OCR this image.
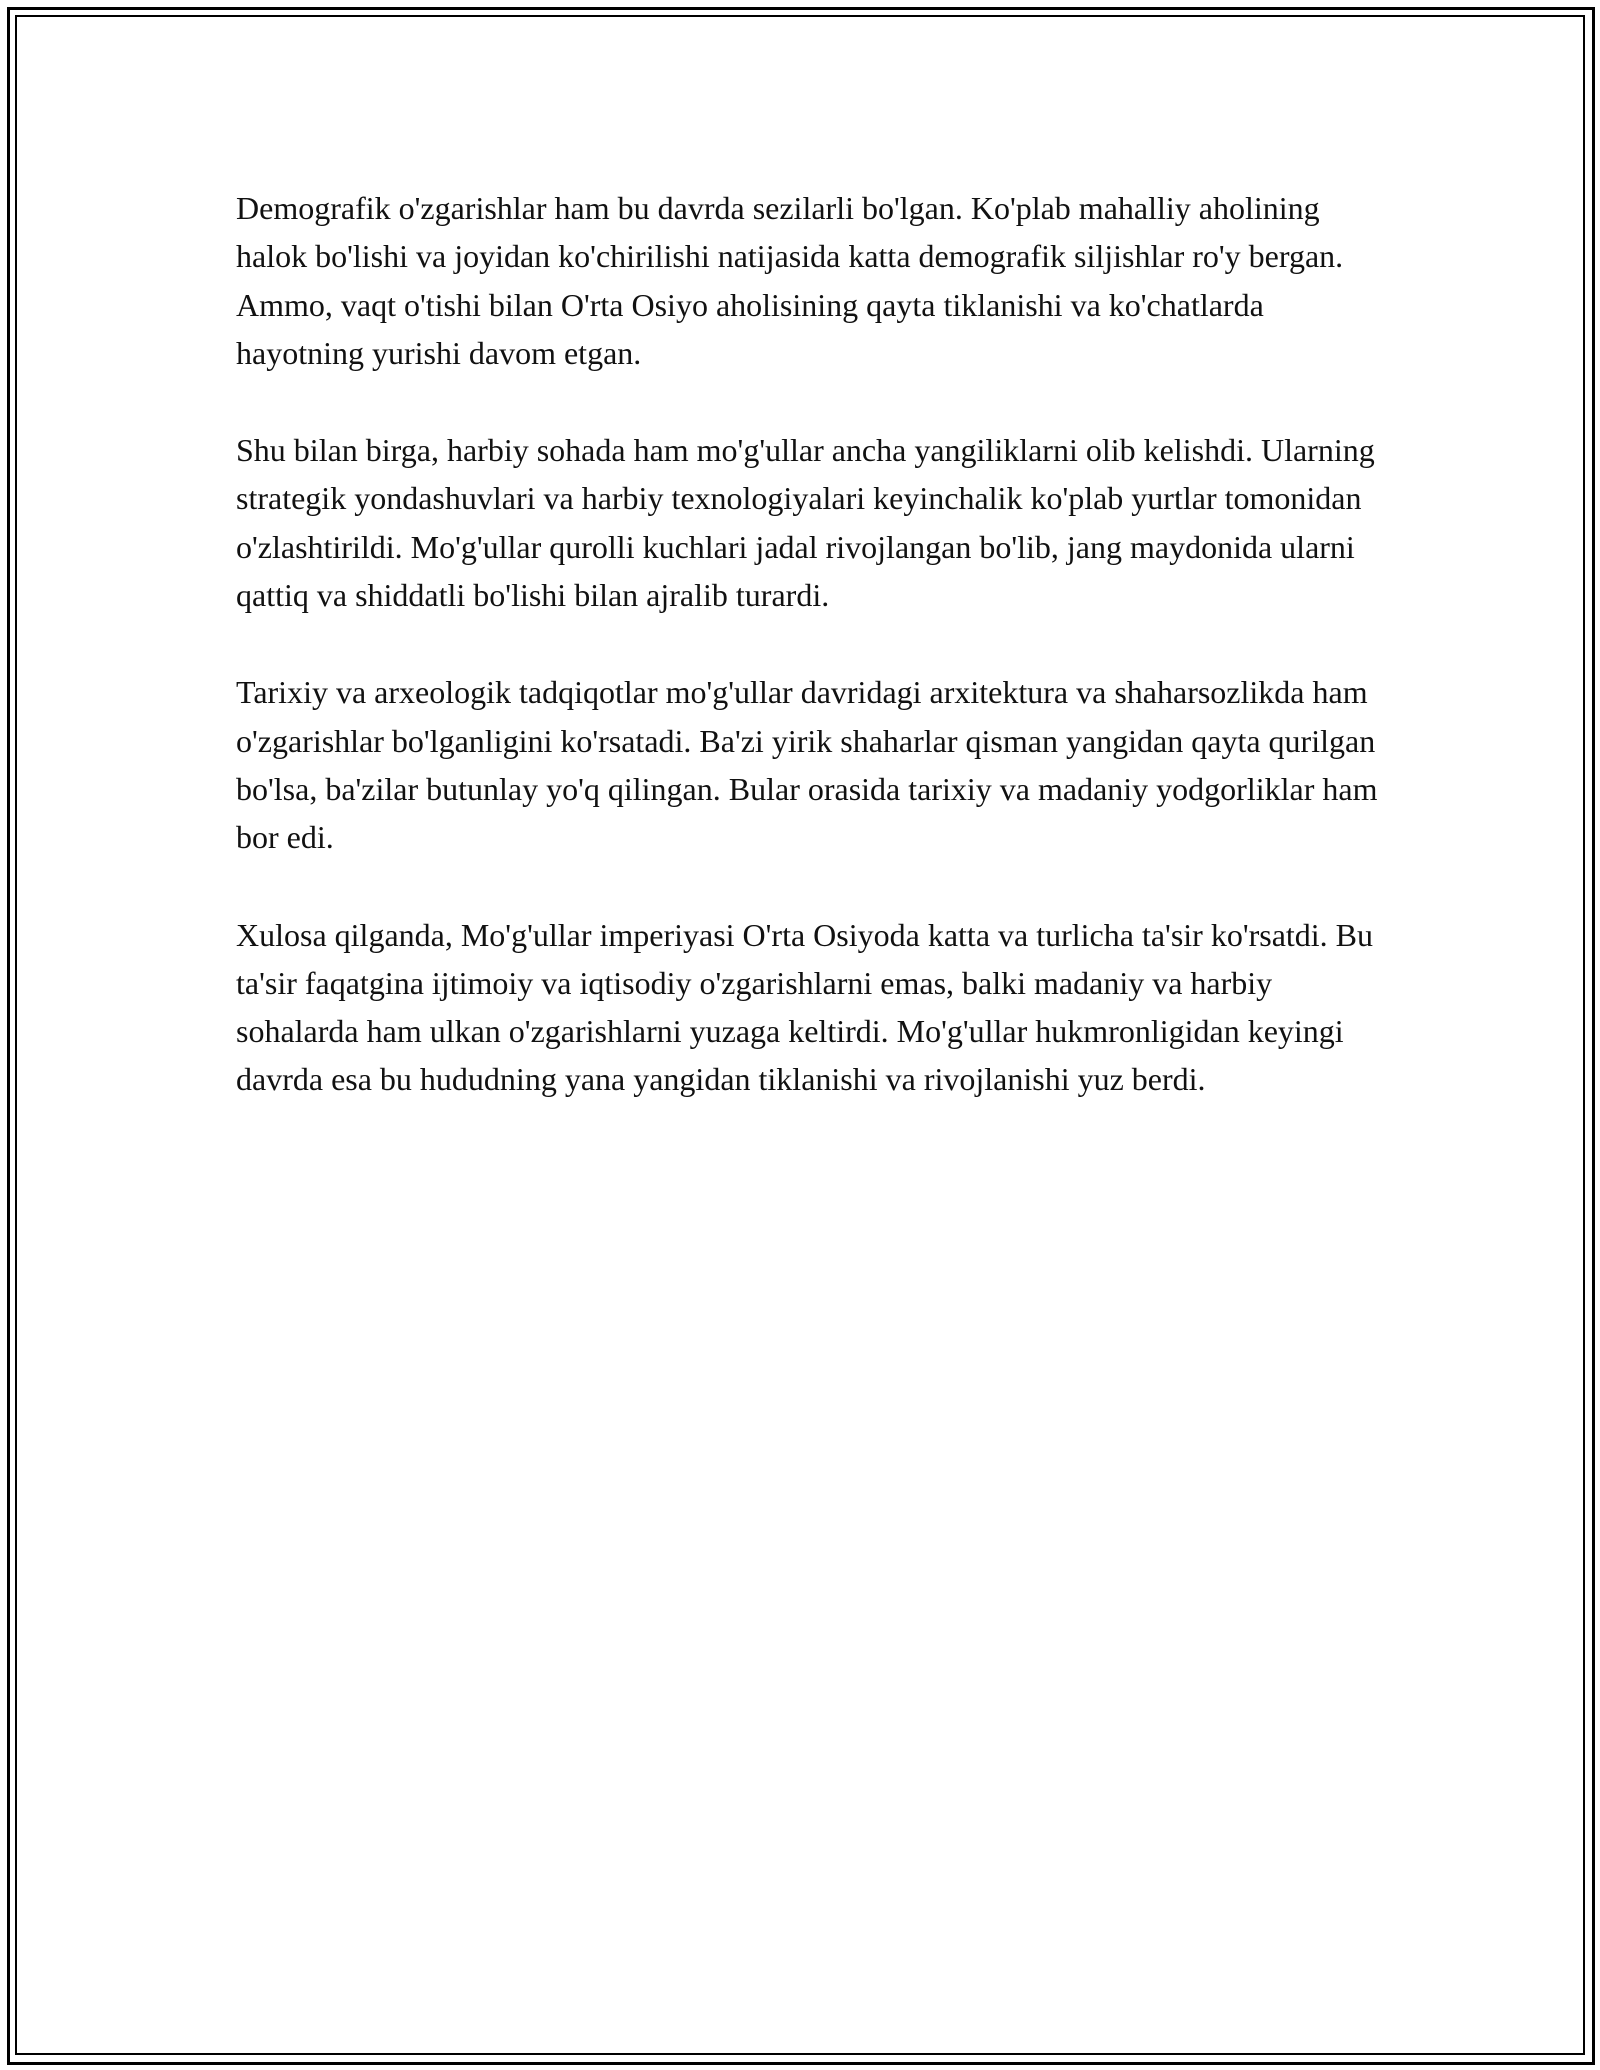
Demografik o'zgarishlar ham bu davrda sezilarli bo'lgan. Ko'plab mahalliy aholining halok bo'lishi va joyidan ko'chirilishi natijasida katta demografik siljishlar ro'y bergan. Ammo, vaqt o'tishi bilan O'rta Osiyo aholisining qayta tiklanishi va ko'chatlarda hayotning yurishi davom etgan.

Shu bilan birga, harbiy sohada ham mo'g'ullar ancha yangiliklarni olib kelishdi. Ularning strategik yondashuvlari va harbiy texnologiyalari keyinchalik ko'plab yurtlar tomonidan o'zlashtirildi. Mo'g'ullar qurolli kuchlari jadal rivojlangan bo'lib, jang maydonida ularni qattiq va shiddatli bo'lishi bilan ajralib turardi.

Tarixiy va arxeologik tadqiqotlar mo'g'ullar davridagi arxitektura va shaharsozlikda ham o'zgarishlar bo'lganligini ko'rsatadi. Ba'zi yirik shaharlar qisman yangidan qayta qurilgan bo'lsa, ba'zilar butunlay yo'q qilingan. Bular orasida tarixiy va madaniy yodgorliklar ham bor edi.

Xulosa qilganda, Mo'g'ullar imperiyasi O'rta Osiyoda katta va turlicha ta'sir ko'rsatdi. Bu ta'sir faqatgina ijtimoiy va iqtisodiy o'zgarishlarni emas, balki madaniy va harbiy sohalarda ham ulkan o'zgarishlarni yuzaga keltirdi. Mo'g'ullar hukmronligidan keyingi davrda esa bu hududning yana yangidan tiklanishi va rivojlanishi yuz berdi.
